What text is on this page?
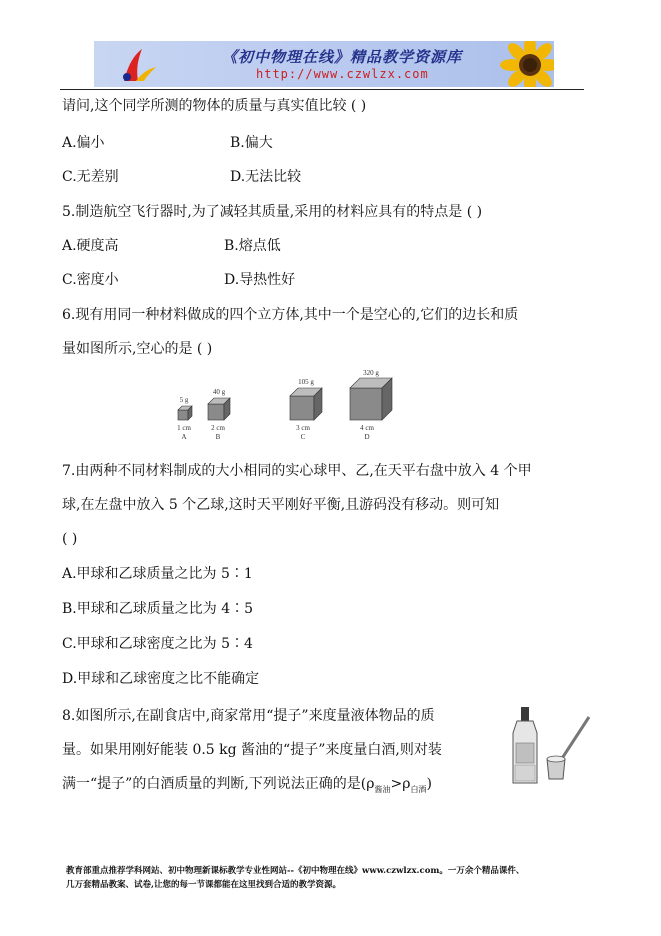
《初中物理在线》精品教学资源库
http://www.czwlzx.com
请问,这个同学所测的物体的质量与真实值比较 ( )
A.偏小	B.偏大
C.无差别	D.无法比较
5.制造航空飞行器时,为了减轻其质量,采用的材料应具有的特点是 ( )
A.硬度高	B.熔点低
C.密度小	D.导热性好
6.现有用同一种材料做成的四个立方体,其中一个是空心的,它们的边长和质
量如图所示,空心的是 ( )
5 g
1 cm
A
40 g
2 cm
B
105 g
3 cm
C
320 g
4 cm
D
7.由两种不同材料制成的大小相同的实心球甲、乙,在天平右盘中放入 4 个甲
球,在左盘中放入 5 个乙球,这时天平刚好平衡,且游码没有移动。则可知
( )
A.甲球和乙球质量之比为 5∶1
B.甲球和乙球质量之比为 4∶5
C.甲球和乙球密度之比为 5∶4
D.甲球和乙球密度之比不能确定
8.如图所示,在副食店中,商家常用“提子”来度量液体物品的质
量。如果用刚好能装 0.5 kg 酱油的“提子”来度量白酒,则对装
满一“提子”的白酒质量的判断,下列说法正确的是$(\rho_{酱油}>\rho_{白酒})$
教育部重点推荐学科网站、初中物理新课标教学专业性网站--《初中物理在线》www.czwlzx.com。一万余个精品课件、
几万套精品教案、试卷,让您的每一节课都能在这里找到合适的教学资源。
